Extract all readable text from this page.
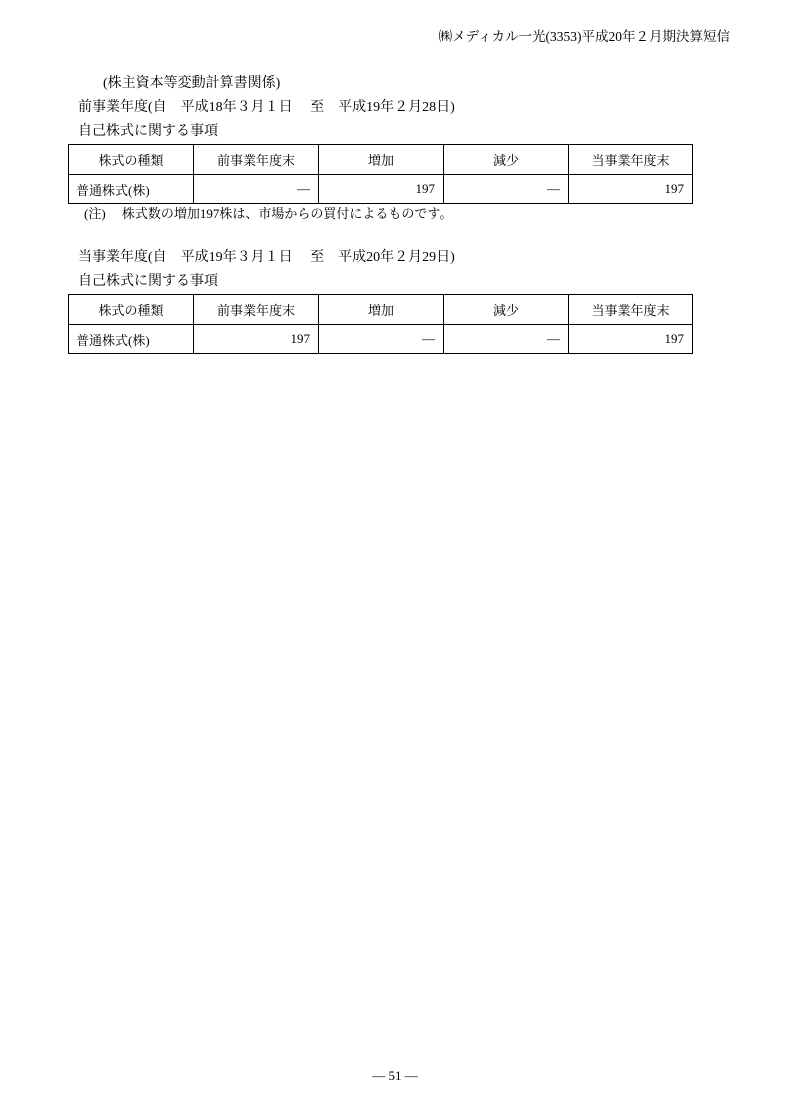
㈱メディカル一光(3353)平成20年２月期決算短信
(株主資本等変動計算書関係)
前事業年度(自　平成18年３月１日　 至　平成19年２月28日)
自己株式に関する事項
株式の種類	前事業年度末	増加	減少	当事業年度末
普通株式(株)	―	197	―	197
(注)　 株式数の増加197株は、市場からの買付によるものです。
当事業年度(自　平成19年３月１日　 至　平成20年２月29日)
自己株式に関する事項
株式の種類	前事業年度末	増加	減少	当事業年度末
普通株式(株)	197	―	―	197
― 51 ―
